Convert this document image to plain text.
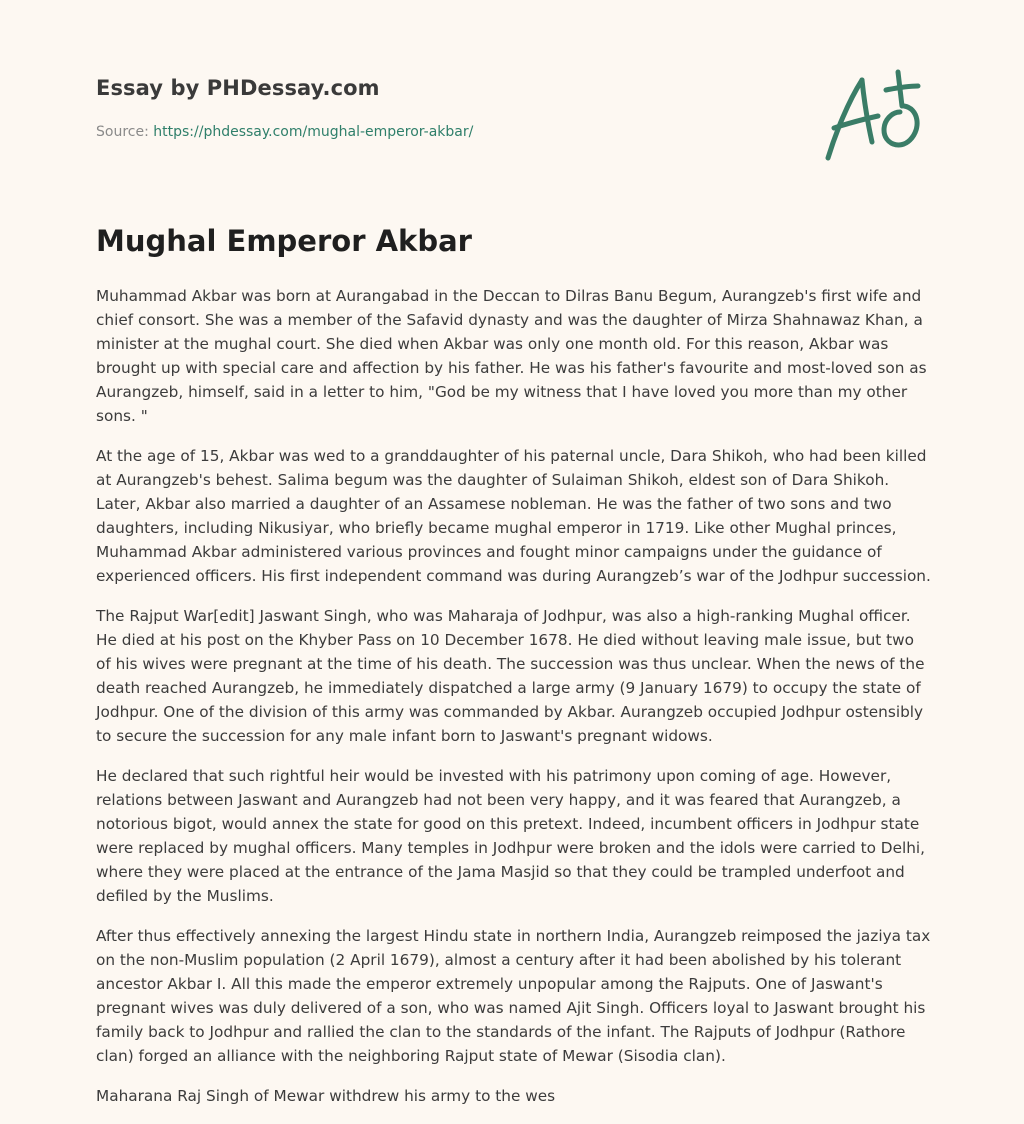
Essay by PHDessay.com
Source: https://phdessay.com/mughal-emperor-akbar/
Mughal Emperor Akbar

Muhammad Akbar was born at Aurangabad in the Deccan to Dilras Banu Begum, Aurangzeb's first wife and chief consort. She was a member of the Safavid dynasty and was the daughter of Mirza Shahnawaz Khan, a minister at the mughal court. She died when Akbar was only one month old. For this reason, Akbar was brought up with special care and affection by his father. He was his father's favourite and most-loved son as Aurangzeb, himself, said in a letter to him, "God be my witness that I have loved you more than my other sons. "

At the age of 15, Akbar was wed to a granddaughter of his paternal uncle, Dara Shikoh, who had been killed at Aurangzeb's behest. Salima begum was the daughter of Sulaiman Shikoh, eldest son of Dara Shikoh. Later, Akbar also married a daughter of an Assamese nobleman. He was the father of two sons and two daughters, including Nikusiyar, who briefly became mughal emperor in 1719. Like other Mughal princes, Muhammad Akbar administered various provinces and fought minor campaigns under the guidance of experienced officers. His first independent command was during Aurangzeb’s war of the Jodhpur succession.

The Rajput War[edit] Jaswant Singh, who was Maharaja of Jodhpur, was also a high-ranking Mughal officer. He died at his post on the Khyber Pass on 10 December 1678. He died without leaving male issue, but two of his wives were pregnant at the time of his death. The succession was thus unclear. When the news of the death reached Aurangzeb, he immediately dispatched a large army (9 January 1679) to occupy the state of Jodhpur. One of the division of this army was commanded by Akbar. Aurangzeb occupied Jodhpur ostensibly to secure the succession for any male infant born to Jaswant's pregnant widows.

He declared that such rightful heir would be invested with his patrimony upon coming of age. However, relations between Jaswant and Aurangzeb had not been very happy, and it was feared that Aurangzeb, a notorious bigot, would annex the state for good on this pretext. Indeed, incumbent officers in Jodhpur state were replaced by mughal officers. Many temples in Jodhpur were broken and the idols were carried to Delhi, where they were placed at the entrance of the Jama Masjid so that they could be trampled underfoot and defiled by the Muslims.

After thus effectively annexing the largest Hindu state in northern India, Aurangzeb reimposed the jaziya tax on the non-Muslim population (2 April 1679), almost a century after it had been abolished by his tolerant ancestor Akbar I. All this made the emperor extremely unpopular among the Rajputs. One of Jaswant's pregnant wives was duly delivered of a son, who was named Ajit Singh. Officers loyal to Jaswant brought his family back to Jodhpur and rallied the clan to the standards of the infant. The Rajputs of Jodhpur (Rathore clan) forged an alliance with the neighboring Rajput state of Mewar (Sisodia clan).

Maharana Raj Singh of Mewar withdrew his army to the wes
